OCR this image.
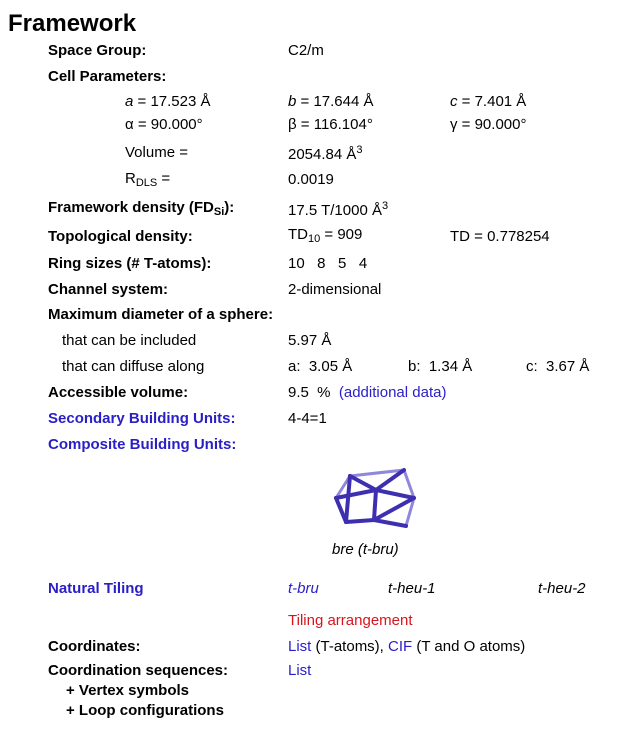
Framework
Space Group:	C2/m
Cell Parameters:
a = 17.523 Å	b = 17.644 Å	c = 7.401 Å
α = 90.000°	β = 116.104°	γ = 90.000°
Volume =	2054.84 $Å^3$
$R_{DLS}$ =	0.0019
Framework density $(FD_{Si})$:	17.5 T/1000 $Å^3$
Topological density:	$TD_{10} = 909$	TD = 0.778254
Ring sizes (# T-atoms):	10   8   5   4
Channel system:	2-dimensional
Maximum diameter of a sphere:
that can be included	5.97 Å
that can diffuse along	a:  3.05 Å	b:  1.34 Å	c:  3.67 Å
Accessible volume:	9.5  % (additional data)
Secondary Building Units:	4-4=1
Composite Building Units:
bre (t-bru)
Natural Tiling	t-bru	t-heu-1	t-heu-2
Tiling arrangement
Coordinates:	List (T-atoms), CIF (T and O atoms)
Coordination sequences:	List
+ Vertex symbols
+ Loop configurations
